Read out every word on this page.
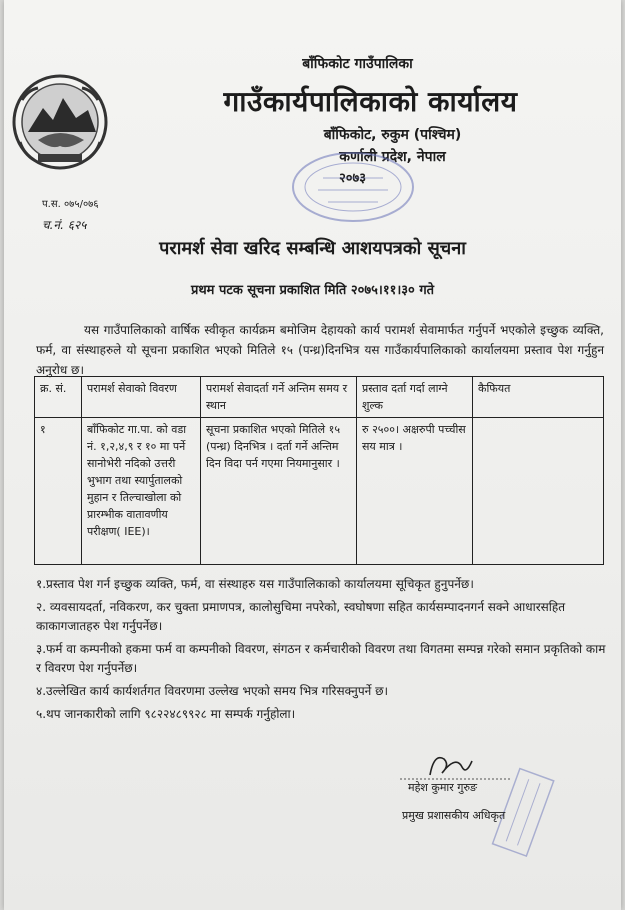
बाँफिकोट गाउँपालिका
गाउँकार्यपालिकाको कार्यालय
बाँफिकोट, रुकुम (पश्चिम)
कर्णाली प्रदेश, नेपाल
२०७३
प.स. ०७५/०७६
च.नं. ६२५
परामर्श सेवा खरिद सम्बन्धि आशयपत्रको सूचना
प्रथम पटक सूचना प्रकाशित मिति २०७५।११।३० गते
यस गाउँपालिकाको वार्षिक स्वीकृत कार्यक्रम बमोजिम देहायको कार्य परामर्श सेवामार्फत गर्नुपर्ने भएकोले इच्छुक व्यक्ति, फर्म, वा संस्थाहरुले यो सूचना प्रकाशित भएको मितिले १५ (पन्ध्र)दिनभित्र यस गाउँकार्यपालिकाको कार्यालयमा प्रस्ताव पेश गर्नुहुन अनुरोध छ।
क्र. सं.	परामर्श सेवाको विवरण	परामर्श सेवादर्ता गर्ने अन्तिम समय र स्थान	प्रस्ताव दर्ता गर्दा लाग्ने शुल्क	कैफियत
१	बाँफिकोट गा.पा. को वडा नं. १,२,४,९ र १० मा पर्ने सानोभेरी नदिको उत्तरी भुभाग तथा स्यार्पुतालको मुहान र तिल्चाखोला को प्रारम्भीक वातावणीय परीक्षण( IEE)।	सूचना प्रकाशित भएको मितिले १५ (पन्ध्र) दिनभित्र । दर्ता गर्ने अन्तिम दिन विदा पर्न गएमा नियमानुसार ।	रु २५००। अक्षरुपी पच्चीस सय मात्र ।	

१.प्रस्ताव पेश गर्न इच्छुक व्यक्ति, फर्म, वा संस्थाहरु यस गाउँपालिकाको कार्यालयमा सूचिकृत हुनुपर्नेछ।

२. व्यवसायदर्ता, नविकरण, कर चुक्ता प्रमाणपत्र, कालोसुचिमा नपरेको, स्वघोषणा सहित कार्यसम्पादनगर्न सक्ने आधारसहित काकागजातहरु पेश गर्नुपर्नेछ।

३.फर्म वा कम्पनीको हकमा फर्म वा कम्पनीको विवरण, संगठन र कर्मचारीको विवरण तथा विगतमा सम्पन्न गरेको समान प्रकृतिको काम र विवरण पेश गर्नुपर्नेछ।

४.उल्लेखित कार्य कार्यशर्तगत विवरणमा उल्लेख भएको समय भित्र गरिसक्नुपर्ने छ।

५.थप जानकारीको लागि ९८२२४८९९२८ मा सम्पर्क गर्नुहोला।

महेश कुमार गुरुङ
प्रमुख प्रशासकीय अधिकृत
